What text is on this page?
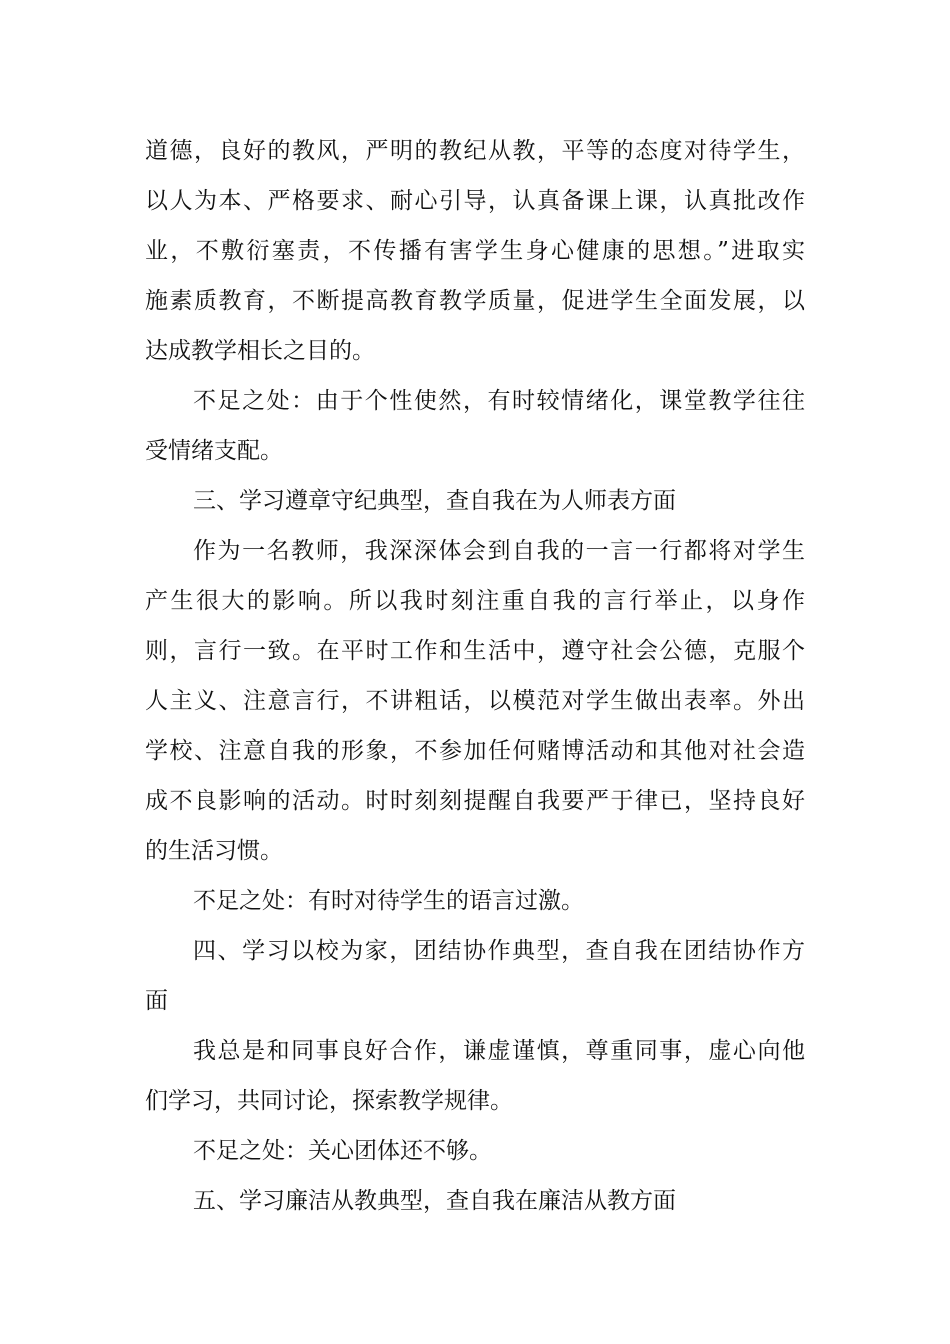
道德，良好的教风，严明的教纪从教，平等的态度对待学生，
以人为本、严格要求、耐心引导，认真备课上课，认真批改作
业，不敷衍塞责，不传播有害学生身心健康的思想。”进取实
施素质教育，不断提高教育教学质量，促进学生全面发展，以
达成教学相长之目的。
不足之处：由于个性使然，有时较情绪化，课堂教学往往
受情绪支配。
三、学习遵章守纪典型，查自我在为人师表方面
作为一名教师，我深深体会到自我的一言一行都将对学生
产生很大的影响。所以我时刻注重自我的言行举止，以身作
则，言行一致。在平时工作和生活中，遵守社会公德，克服个
人主义、注意言行，不讲粗话，以模范对学生做出表率。外出
学校、注意自我的形象，不参加任何赌博活动和其他对社会造
成不良影响的活动。时时刻刻提醒自我要严于律已，坚持良好
的生活习惯。
不足之处：有时对待学生的语言过激。
四、学习以校为家，团结协作典型，查自我在团结协作方
面
我总是和同事良好合作，谦虚谨慎，尊重同事，虚心向他
们学习，共同讨论，探索教学规律。
不足之处：关心团体还不够。
五、学习廉洁从教典型，查自我在廉洁从教方面
